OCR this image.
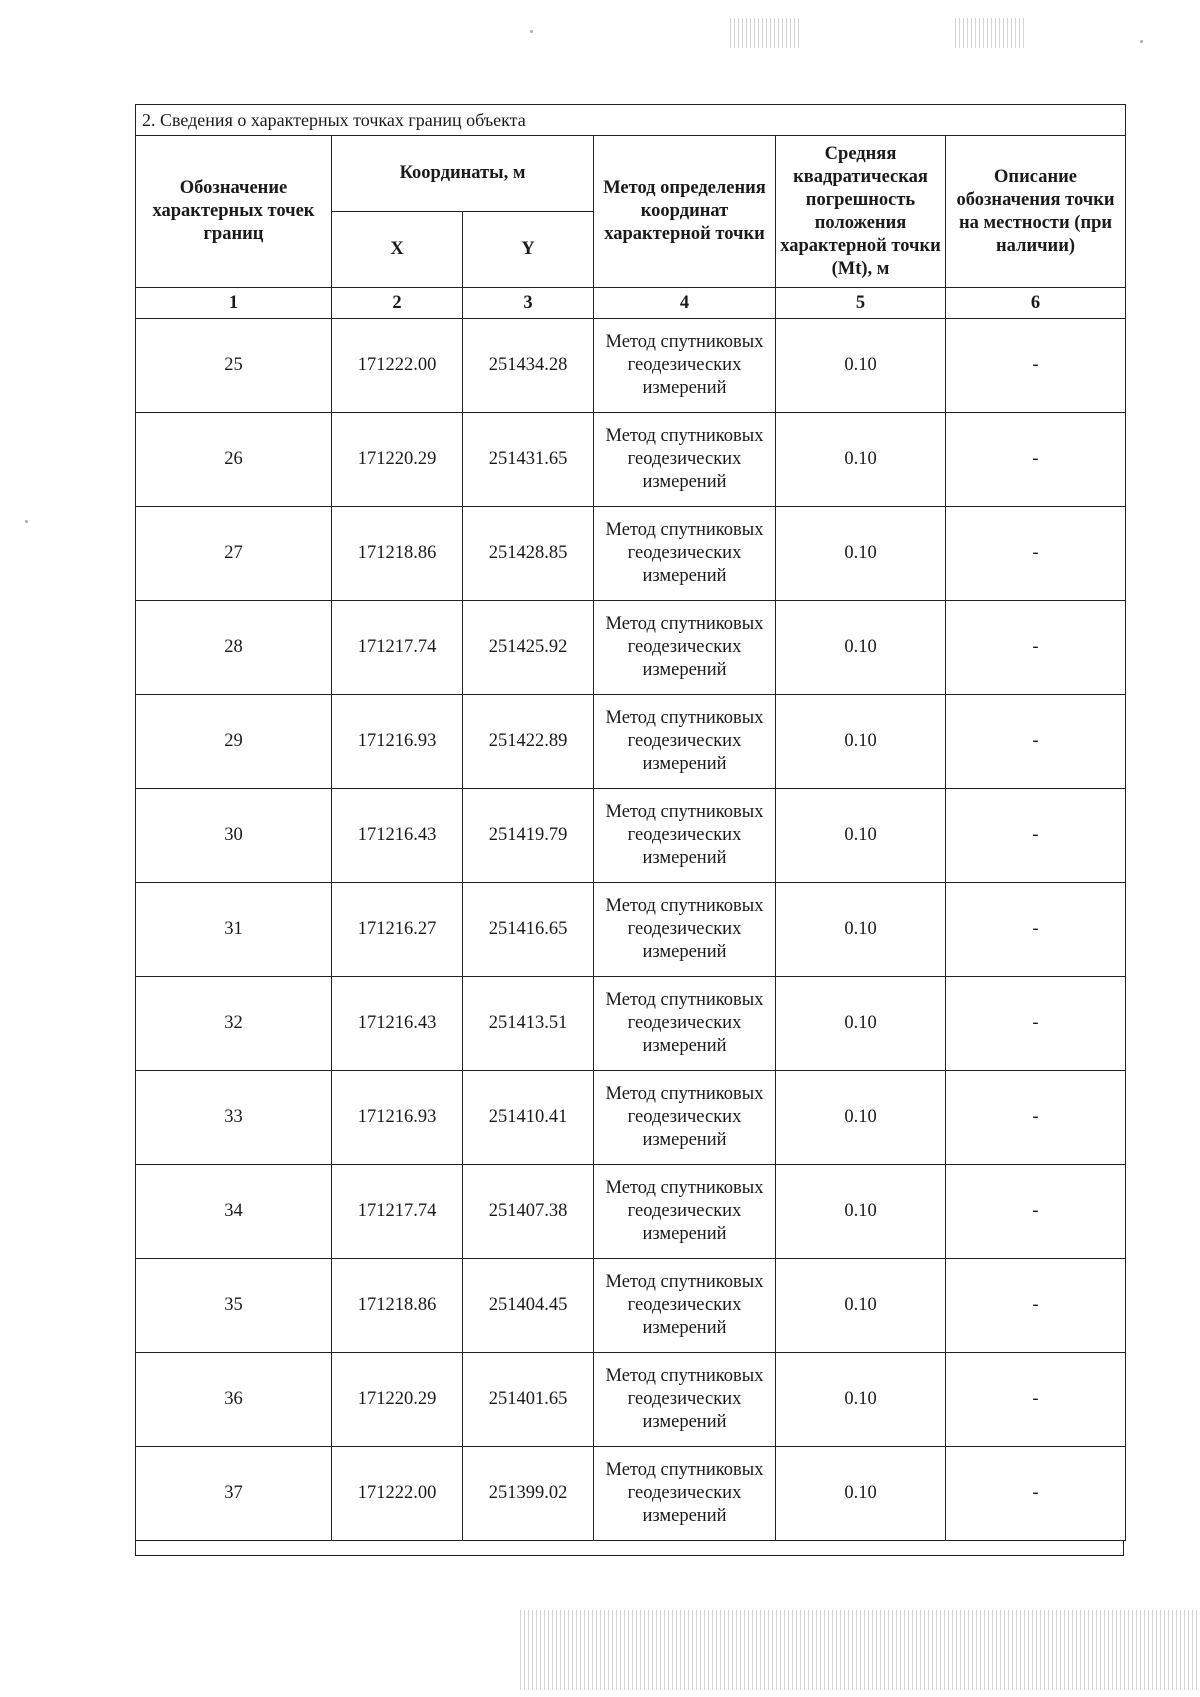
2. Сведения о характерных точках границ объекта					
Обозначение характерных точек границ	Координаты, м		Метод определения координат характерной точки	Средняя квадратическая погрешность положения характерной точки (Mt), м	Описание обозначения точки на местности (при наличии)
	X	Y			
1	2	3	4	5	6
25	171222.00	251434.28	Метод спутниковых геодезических измерений	0.10	-
26	171220.29	251431.65	Метод спутниковых геодезических измерений	0.10	-
27	171218.86	251428.85	Метод спутниковых геодезических измерений	0.10	-
28	171217.74	251425.92	Метод спутниковых геодезических измерений	0.10	-
29	171216.93	251422.89	Метод спутниковых геодезических измерений	0.10	-
30	171216.43	251419.79	Метод спутниковых геодезических измерений	0.10	-
31	171216.27	251416.65	Метод спутниковых геодезических измерений	0.10	-
32	171216.43	251413.51	Метод спутниковых геодезических измерений	0.10	-
33	171216.93	251410.41	Метод спутниковых геодезических измерений	0.10	-
34	171217.74	251407.38	Метод спутниковых геодезических измерений	0.10	-
35	171218.86	251404.45	Метод спутниковых геодезических измерений	0.10	-
36	171220.29	251401.65	Метод спутниковых геодезических измерений	0.10	-
37	171222.00	251399.02	Метод спутниковых геодезических измерений	0.10	-
